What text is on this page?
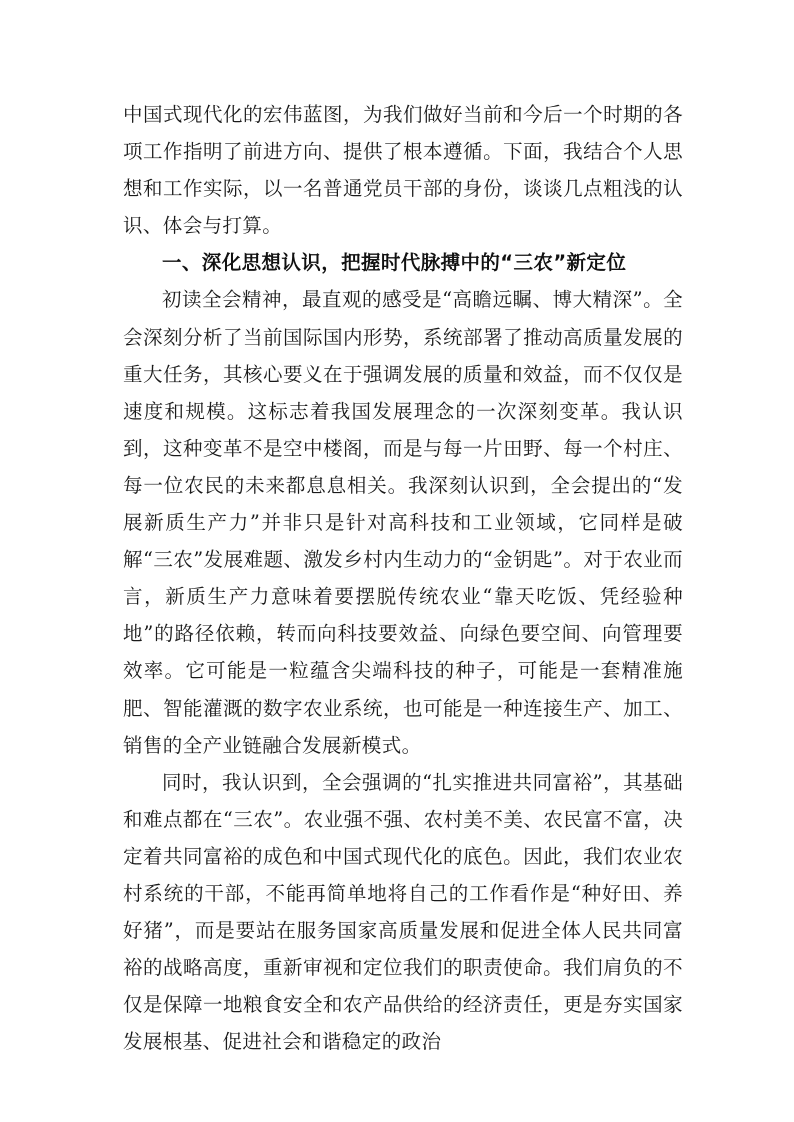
中国式现代化的宏伟蓝图，为我们做好当前和今后一个时期的各项工作指明了前进方向、提供了根本遵循。下面，我结合个人思想和工作实际，以一名普通党员干部的身份，谈谈几点粗浅的认识、体会与打算。

一、深化思想认识，把握时代脉搏中的“三农”新定位

初读全会精神，最直观的感受是“高瞻远瞩、博大精深”。全会深刻分析了当前国际国内形势，系统部署了推动高质量发展的重大任务，其核心要义在于强调发展的质量和效益，而不仅仅是速度和规模。这标志着我国发展理念的一次深刻变革。我认识到，这种变革不是空中楼阁，而是与每一片田野、每一个村庄、每一位农民的未来都息息相关。我深刻认识到，全会提出的“发展新质生产力”并非只是针对高科技和工业领域，它同样是破解“三农”发展难题、激发乡村内生动力的“金钥匙”。对于农业而言，新质生产力意味着要摆脱传统农业“靠天吃饭、凭经验种地”的路径依赖，转而向科技要效益、向绿色要空间、向管理要效率。它可能是一粒蕴含尖端科技的种子，可能是一套精准施肥、智能灌溉的数字农业系统，也可能是一种连接生产、加工、销售的全产业链融合发展新模式。

同时，我认识到，全会强调的“扎实推进共同富裕”，其基础和难点都在“三农”。农业强不强、农村美不美、农民富不富，决定着共同富裕的成色和中国式现代化的底色。因此，我们农业农村系统的干部，不能再简单地将自己的工作看作是“种好田、养好猪”，而是要站在服务国家高质量发展和促进全体人民共同富裕的战略高度，重新审视和定位我们的职责使命。我们肩负的不仅是保障一地粮食安全和农产品供给的经济责任，更是夯实国家发展根基、促进社会和谐稳定的政治
